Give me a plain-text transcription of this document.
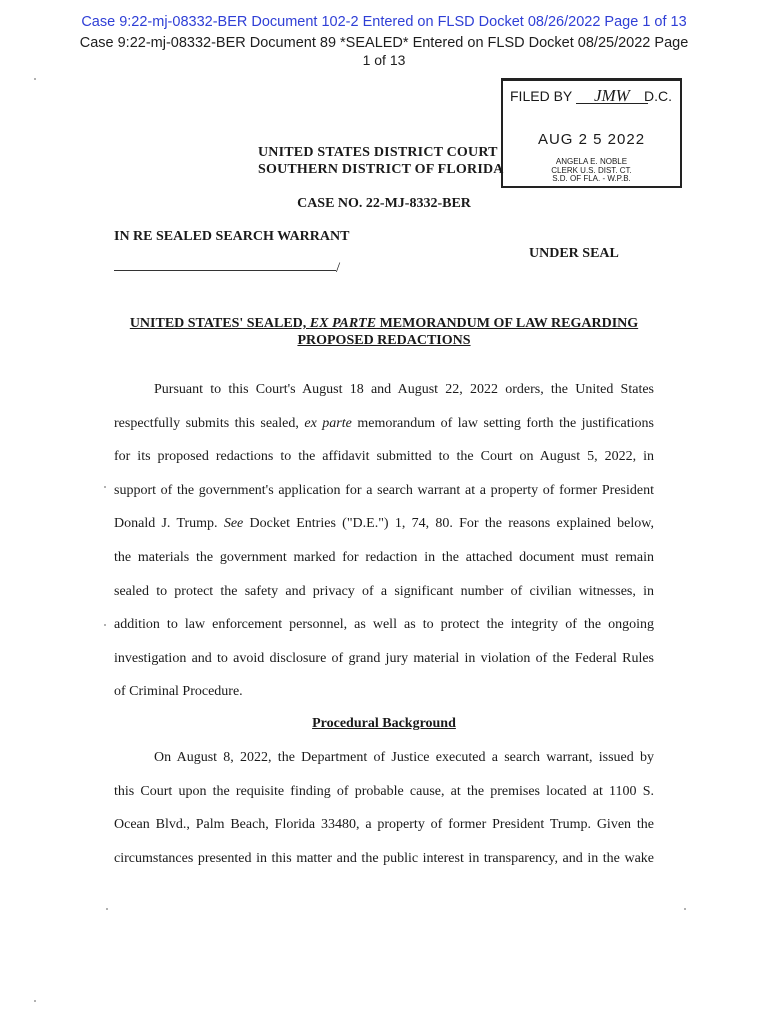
Case 9:22-mj-08332-BER Document 102-2 Entered on FLSD Docket 08/26/2022 Page 1 of 13
Case 9:22-mj-08332-BER Document 89 *SEALED* Entered on FLSD Docket 08/25/2022 Page
1 of 13
FILED BY JMW D.C.
AUG 2 5 2022
ANGELA E. NOBLE
CLERK U.S. DIST. CT.
S.D. OF FLA. - W.P.B.
UNITED STATES DISTRICT COURT
SOUTHERN DISTRICT OF FLORIDA
CASE NO. 22-MJ-8332-BER
IN RE SEALED SEARCH WARRANT
UNDER SEAL
/
UNITED STATES' SEALED, EX PARTE MEMORANDUM OF LAW REGARDING
PROPOSED REDACTIONS
Pursuant to this Court's August 18 and August 22, 2022 orders, the United States
respectfully submits this sealed, ex parte memorandum of law setting forth the justifications
for its proposed redactions to the affidavit submitted to the Court on August 5, 2022, in
support of the government's application for a search warrant at a property of former President
Donald J. Trump. See Docket Entries ("D.E.") 1, 74, 80. For the reasons explained below,
the materials the government marked for redaction in the attached document must remain
sealed to protect the safety and privacy of a significant number of civilian witnesses, in
addition to law enforcement personnel, as well as to protect the integrity of the ongoing
investigation and to avoid disclosure of grand jury material in violation of the Federal Rules
of Criminal Procedure.
Procedural Background
On August 8, 2022, the Department of Justice executed a search warrant, issued by
this Court upon the requisite finding of probable cause, at the premises located at 1100 S.
Ocean Blvd., Palm Beach, Florida 33480, a property of former President Trump. Given the
circumstances presented in this matter and the public interest in transparency, and in the wake
